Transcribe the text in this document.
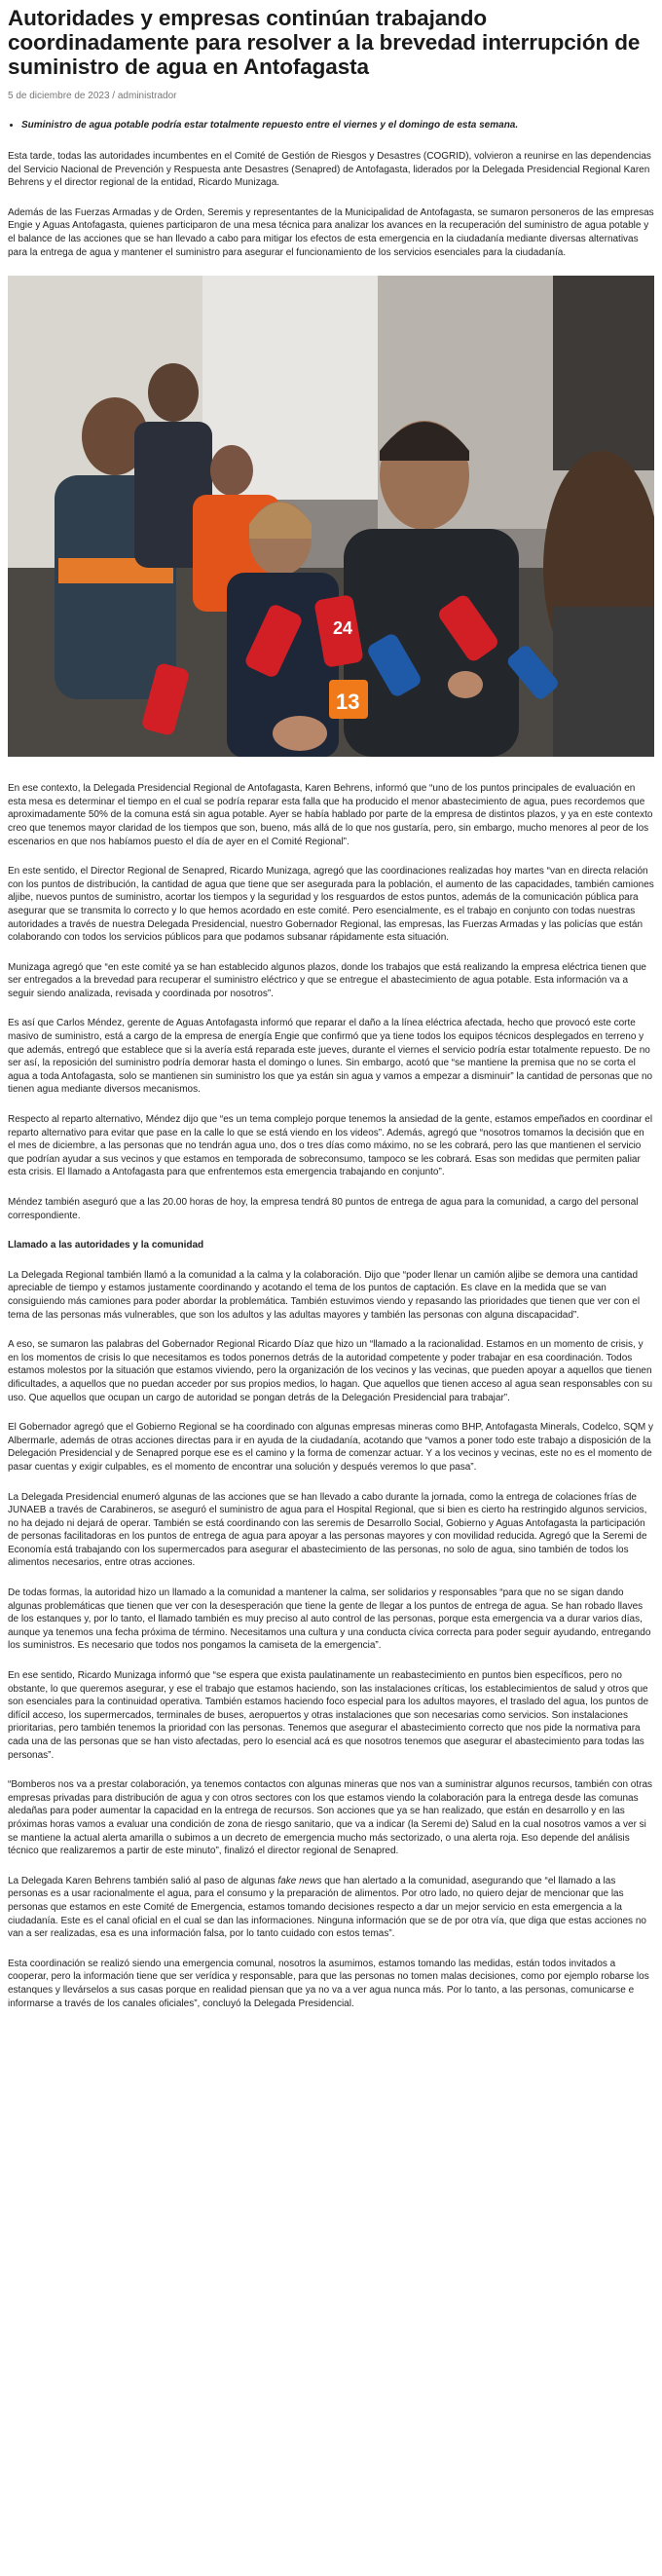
Autoridades y empresas continúan trabajando coordinadamente para resolver a la brevedad interrupción de suministro de agua en Antofagasta
5 de diciembre de 2023 / administrador
• Suministro de agua potable podría estar totalmente repuesto entre el viernes y el domingo de esta semana.

Esta tarde, todas las autoridades incumbentes en el Comité de Gestión de Riesgos y Desastres (COGRID), volvieron a reunirse en las dependencias del Servicio Nacional de Prevención y Respuesta ante Desastres (Senapred) de Antofagasta, liderados por la Delegada Presidencial Regional Karen Behrens y el director regional de la entidad, Ricardo Munizaga.

Además de las Fuerzas Armadas y de Orden, Seremis y representantes de la Municipalidad de Antofagasta, se sumaron personeros de las empresas Engie y Aguas Antofagasta, quienes participaron de una mesa técnica para analizar los avances en la recuperación del suministro de agua potable y el balance de las acciones que se han llevado a cabo para mitigar los efectos de esta emergencia en la ciudadanía mediante diversas alternativas para la entrega de agua y mantener el suministro para asegurar el funcionamiento de los servicios esenciales para la ciudadanía.

24
13

En ese contexto, la Delegada Presidencial Regional de Antofagasta, Karen Behrens, informó que “uno de los puntos principales de evaluación en esta mesa es determinar el tiempo en el cual se podría reparar esta falla que ha producido el menor abastecimiento de agua, pues recordemos que aproximadamente 50% de la comuna está sin agua potable. Ayer se había hablado por parte de la empresa de distintos plazos, y ya en este contexto creo que tenemos mayor claridad de los tiempos que son, bueno, más allá de lo que nos gustaría, pero, sin embargo, mucho menores al peor de los escenarios en que nos habíamos puesto el día de ayer en el Comité Regional”.

En este sentido, el Director Regional de Senapred, Ricardo Munizaga, agregó que las coordinaciones realizadas hoy martes “van en directa relación con los puntos de distribución, la cantidad de agua que tiene que ser asegurada para la población, el aumento de las capacidades, también camiones aljibe, nuevos puntos de suministro, acortar los tiempos y la seguridad y los resguardos de estos puntos, además de la comunicación pública para asegurar que se transmita lo correcto y lo que hemos acordado en este comité. Pero esencialmente, es el trabajo en conjunto con todas nuestras autoridades a través de nuestra Delegada Presidencial, nuestro Gobernador Regional, las empresas, las Fuerzas Armadas y las policías que están colaborando con todos los servicios públicos para que podamos subsanar rápidamente esta situación.

Munizaga agregó que “en este comité ya se han establecido algunos plazos, donde los trabajos que está realizando la empresa eléctrica tienen que ser entregados a la brevedad para recuperar el suministro eléctrico y que se entregue el abastecimiento de agua potable. Esta información va a seguir siendo analizada, revisada y coordinada por nosotros”.

Es así que Carlos Méndez, gerente de Aguas Antofagasta informó que reparar el daño a la línea eléctrica afectada, hecho que provocó este corte masivo de suministro, está a cargo de la empresa de energía Engie que confirmó que ya tiene todos los equipos técnicos desplegados en terreno y que además, entregó que establece que si la avería está reparada este jueves, durante el viernes el servicio podría estar totalmente repuesto. De no ser así, la reposición del suministro podría demorar hasta el domingo o lunes. Sin embargo, acotó que “se mantiene la premisa que no se corta el agua a toda Antofagasta, solo se mantienen sin suministro los que ya están sin agua y vamos a empezar a disminuir” la cantidad de personas que no tienen agua mediante diversos mecanismos.

Respecto al reparto alternativo, Méndez dijo que “es un tema complejo porque tenemos la ansiedad de la gente, estamos empeñados en coordinar el reparto alternativo para evitar que pase en la calle lo que se está viendo en los videos”. Además, agregó que “nosotros tomamos la decisión que en el mes de diciembre, a las personas que no tendrán agua uno, dos o tres días como máximo, no se les cobrará, pero las que mantienen el servicio que podrían ayudar a sus vecinos y que estamos en temporada de sobreconsumo, tampoco se les cobrará. Esas son medidas que permiten paliar esta crisis. El llamado a Antofagasta para que enfrentemos esta emergencia trabajando en conjunto”.

Méndez también aseguró que a las 20.00 horas de hoy, la empresa tendrá 80 puntos de entrega de agua para la comunidad, a cargo del personal correspondiente.

Llamado a las autoridades y la comunidad

La Delegada Regional también llamó a la comunidad a la calma y la colaboración. Dijo que “poder llenar un camión aljibe se demora una cantidad apreciable de tiempo y estamos justamente coordinando y acotando el tema de los puntos de captación. Es clave en la medida que se van consiguiendo más camiones para poder abordar la problemática. También estuvimos viendo y repasando las prioridades que tienen que ver con el tema de las personas más vulnerables, que son los adultos y las adultas mayores y también las personas con alguna discapacidad”.

A eso, se sumaron las palabras del Gobernador Regional Ricardo Díaz que hizo un “llamado a la racionalidad. Estamos en un momento de crisis, y en los momentos de crisis lo que necesitamos es todos ponernos detrás de la autoridad competente y poder trabajar en esa coordinación. Todos estamos molestos por la situación que estamos viviendo, pero la organización de los vecinos y las vecinas, que pueden apoyar a aquellos que tienen dificultades, a aquellos que no puedan acceder por sus propios medios, lo hagan. Que aquellos que tienen acceso al agua sean responsables con su uso. Que aquellos que ocupan un cargo de autoridad se pongan detrás de la Delegación Presidencial para trabajar”.

El Gobernador agregó que el Gobierno Regional se ha coordinado con algunas empresas mineras como BHP, Antofagasta Minerals, Codelco, SQM y Albermarle, además de otras acciones directas para ir en ayuda de la ciudadanía, acotando que “vamos a poner todo este trabajo a disposición de la Delegación Presidencial y de Senapred porque ese es el camino y la forma de comenzar actuar. Y a los vecinos y vecinas, este no es el momento de pasar cuentas y exigir culpables, es el momento de encontrar una solución y después veremos lo que pasa”.

La Delegada Presidencial enumeró algunas de las acciones que se han llevado a cabo durante la jornada, como la entrega de colaciones frías de JUNAEB a través de Carabineros, se aseguró el suministro de agua para el Hospital Regional, que si bien es cierto ha restringido algunos servicios, no ha dejado ni dejará de operar. También se está coordinando con las seremis de Desarrollo Social, Gobierno y Aguas Antofagasta la participación de personas facilitadoras en los puntos de entrega de agua para apoyar a las personas mayores y con movilidad reducida. Agregó que la Seremi de Economía está trabajando con los supermercados para asegurar el abastecimiento de las personas, no solo de agua, sino también de todos los alimentos necesarios, entre otras acciones.

De todas formas, la autoridad hizo un llamado a la comunidad a mantener la calma, ser solidarios y responsables “para que no se sigan dando algunas problemáticas que tienen que ver con la desesperación que tiene la gente de llegar a los puntos de entrega de agua. Se han robado llaves de los estanques y, por lo tanto, el llamado también es muy preciso al auto control de las personas, porque esta emergencia va a durar varios días, aunque ya tenemos una fecha próxima de término. Necesitamos una cultura y una conducta cívica correcta para poder seguir ayudando, entregando los suministros. Es necesario que todos nos pongamos la camiseta de la emergencia”.

En ese sentido, Ricardo Munizaga informó que “se espera que exista paulatinamente un reabastecimiento en puntos bien específicos, pero no obstante, lo que queremos asegurar, y ese el trabajo que estamos haciendo, son las instalaciones críticas, los establecimientos de salud y otros que son esenciales para la continuidad operativa. También estamos haciendo foco especial para los adultos mayores, el traslado del agua, los puntos de difícil acceso, los supermercados, terminales de buses, aeropuertos y otras instalaciones que son necesarias como servicios. Son instalaciones prioritarias, pero también tenemos la prioridad con las personas. Tenemos que asegurar el abastecimiento correcto que nos pide la normativa para cada una de las personas que se han visto afectadas, pero lo esencial acá es que nosotros tenemos que asegurar el abastecimiento para todas las personas”.

“Bomberos nos va a prestar colaboración, ya tenemos contactos con algunas mineras que nos van a suministrar algunos recursos, también con otras empresas privadas para distribución de agua y con otros sectores con los que estamos viendo la colaboración para la entrega desde las comunas aledañas para poder aumentar la capacidad en la entrega de recursos. Son acciones que ya se han realizado, que están en desarrollo y en las próximas horas vamos a evaluar una condición de zona de riesgo sanitario, que va a indicar (la Seremi de) Salud en la cual nosotros vamos a ver si se mantiene la actual alerta amarilla o subimos a un decreto de emergencia mucho más sectorizado, o una alerta roja. Eso depende del análisis técnico que realizaremos a partir de este minuto”, finalizó el director regional de Senapred.

La Delegada Karen Behrens también salió al paso de algunas fake news que han alertado a la comunidad, asegurando que “el llamado a las personas es a usar racionalmente el agua, para el consumo y la preparación de alimentos. Por otro lado, no quiero dejar de mencionar que las personas que estamos en este Comité de Emergencia, estamos tomando decisiones respecto a dar un mejor servicio en esta emergencia a la ciudadanía. Este es el canal oficial en el cual se dan las informaciones. Ninguna información que se de por otra vía, que diga que estas acciones no van a ser realizadas, esa es una información falsa, por lo tanto cuidado con estos temas”.

Esta coordinación se realizó siendo una emergencia comunal, nosotros la asumimos, estamos tomando las medidas, están todos invitados a cooperar, pero la información tiene que ser verídica y responsable, para que las personas no tomen malas decisiones, como por ejemplo robarse los estanques y llevárselos a sus casas porque en realidad piensan que ya no va a ver agua nunca más. Por lo tanto, a las personas, comunicarse e informarse a través de los canales oficiales”, concluyó la Delegada Presidencial.
